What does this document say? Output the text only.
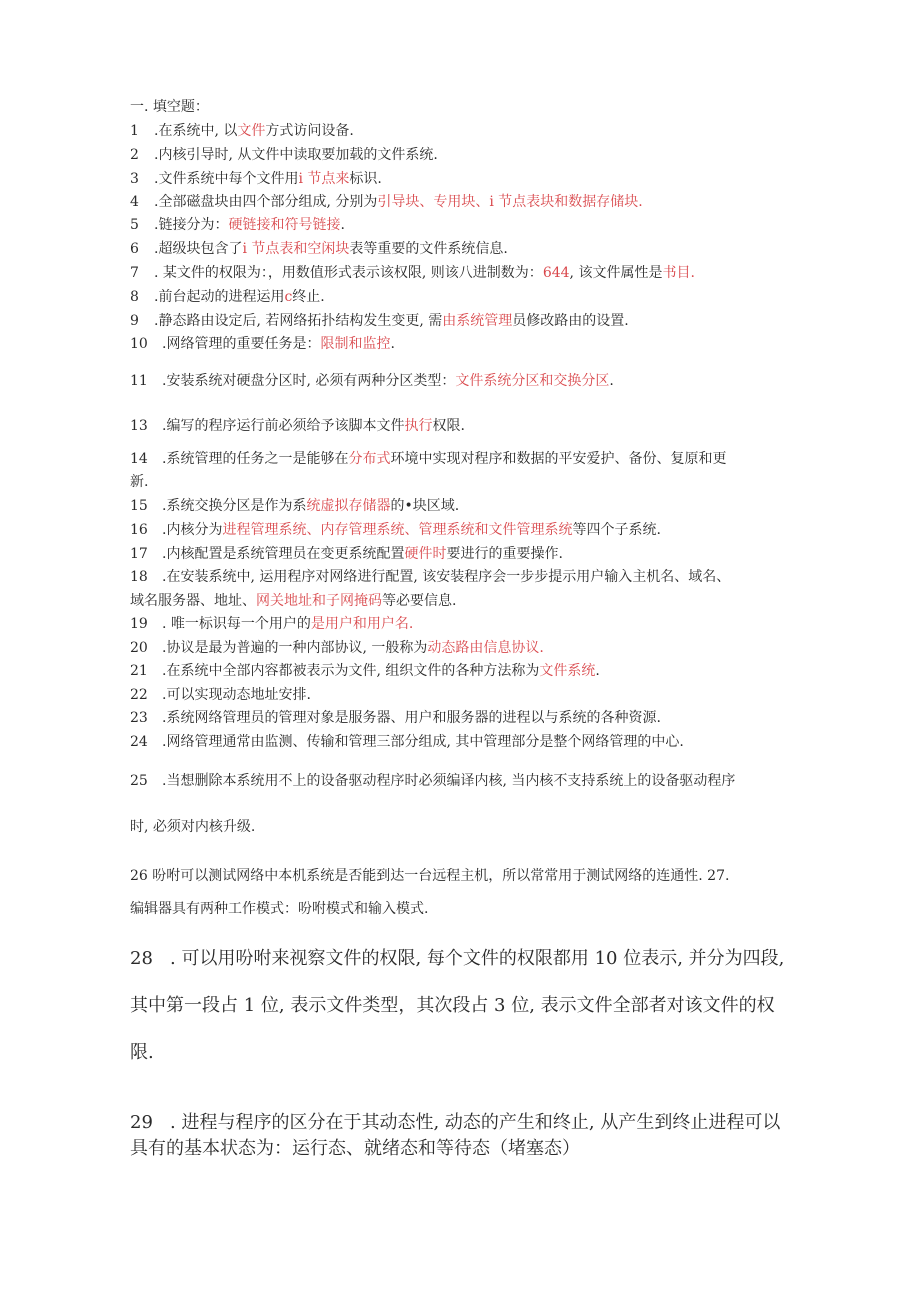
一. 填空题：
1 .在系统中, 以文件方式访问设备.
2 .内核引导时, 从文件中读取要加载的文件系统.
3 .文件系统中每个文件用i 节点来标识.
4 .全部磁盘块由四个部分组成, 分别为引导块、专用块、i 节点表块和数据存储块.
5 .链接分为：硬链接和符号链接.
6 .超级块包含了i 节点表和空闲块表等重要的文件系统信息.
7 . 某文件的权限为：，用数值形式表示该权限, 则该八进制数为：644, 该文件属性是书目.
8 .前台起动的进程运用c终止.
9 .静态路由设定后, 若网络拓扑结构发生变更, 需由系统管理员修改路由的设置.
10 .网络管理的重要任务是：限制和监控.
11 .安装系统对硬盘分区时, 必须有两种分区类型：文件系统分区和交换分区.
13 .编写的程序运行前必须给予该脚本文件执行权限.
14 .系统管理的任务之一是能够在分布式环境中实现对程序和数据的平安爱护、备份、复原和更
新.
15 .系统交换分区是作为系统虚拟存储器的•块区域.
16 .内核分为进程管理系统、内存管理系统、管理系统和文件管理系统等四个子系统.
17 .内核配置是系统管理员在变更系统配置硬件时要进行的重要操作.
18 .在安装系统中, 运用程序对网络进行配置, 该安装程序会一步步提示用户输入主机名、域名、
域名服务器、地址、网关地址和子网掩码等必要信息.
19 . 唯一标识每一个用户的是用户和用户名.
20 .协议是最为普遍的一种内部协议, 一般称为动态路由信息协议.
21 .在系统中全部内容都被表示为文件, 组织文件的各种方法称为文件系统.
22 .可以实现动态地址安排.
23 .系统网络管理员的管理对象是服务器、用户和服务器的进程以与系统的各种资源.
24 .网络管理通常由监测、传输和管理三部分组成, 其中管理部分是整个网络管理的中心.
25 .当想删除本系统用不上的设备驱动程序时必须编译内核, 当内核不支持系统上的设备驱动程序
时, 必须对内核升级.
26 吩咐可以测试网络中本机系统是否能到达一台远程主机，所以常常用于测试网络的连通性. 27.
编辑器具有两种工作模式：吩咐模式和输入模式.
28 . 可以用吩咐来视察文件的权限, 每个文件的权限都用 10 位表示, 并分为四段,
其中第一段占 1 位, 表示文件类型，其次段占 3 位, 表示文件全部者对该文件的权
限.
29 . 进程与程序的区分在于其动态性, 动态的产生和终止, 从产生到终止进程可以
具有的基本状态为：运行态、就绪态和等待态（堵塞态）
